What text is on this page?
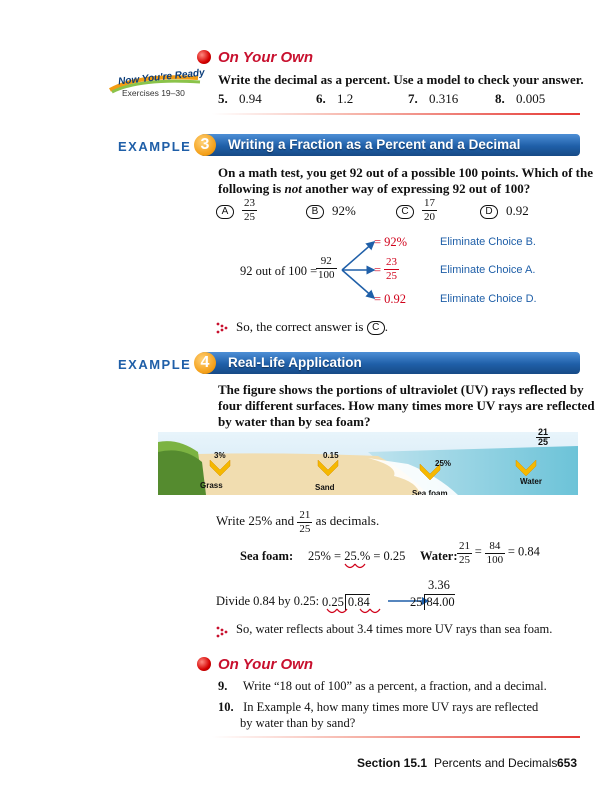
On Your Own
Now You're Ready
Exercises 19–30
Write the decimal as a percent. Use a model to check your answer.
5. 0.94	6. 1.2	7. 0.316	8. 0.005
EXAMPLE 3	Writing a Fraction as a Percent and a Decimal
On a math test, you get 92 out of a possible 100 points. Which of the
following is not another way of expressing 92 out of 100?
A	$\frac{23}{25}$	B	92%	C	$\frac{17}{20}$	D	0.92
92 out of 100 =
$\frac{92}{100}$
= 92%	Eliminate Choice B.
= $\frac{23}{25}$	Eliminate Choice A.
= 0.92	Eliminate Choice D.
So, the correct answer is C .
EXAMPLE 4	Real-Life Application
The figure shows the portions of ultraviolet (UV) rays reflected by
four different surfaces. How many times more UV rays are reflected
by water than by sea foam?
3%
Grass
0.15
Sand
25%
Sea foam
Water
$\frac{21}{25}$
Write 25% and $\frac{21}{25}$ as decimals.
Sea foam: 25% = 25.% = 0.25 Water: $\frac{21}{25} = \frac{84}{100} = 0.84$
Divide 0.84 by 0.25: 0.25 0.84
3.36
25 84.00
So, water reflects about 3.4 times more UV rays than sea foam.
On Your Own
9. Write “18 out of 100” as a percent, a fraction, and a decimal.
10. In Example 4, how many times more UV rays are reflected
by water than by sand?
Section 15.1 Percents and Decimals 653
